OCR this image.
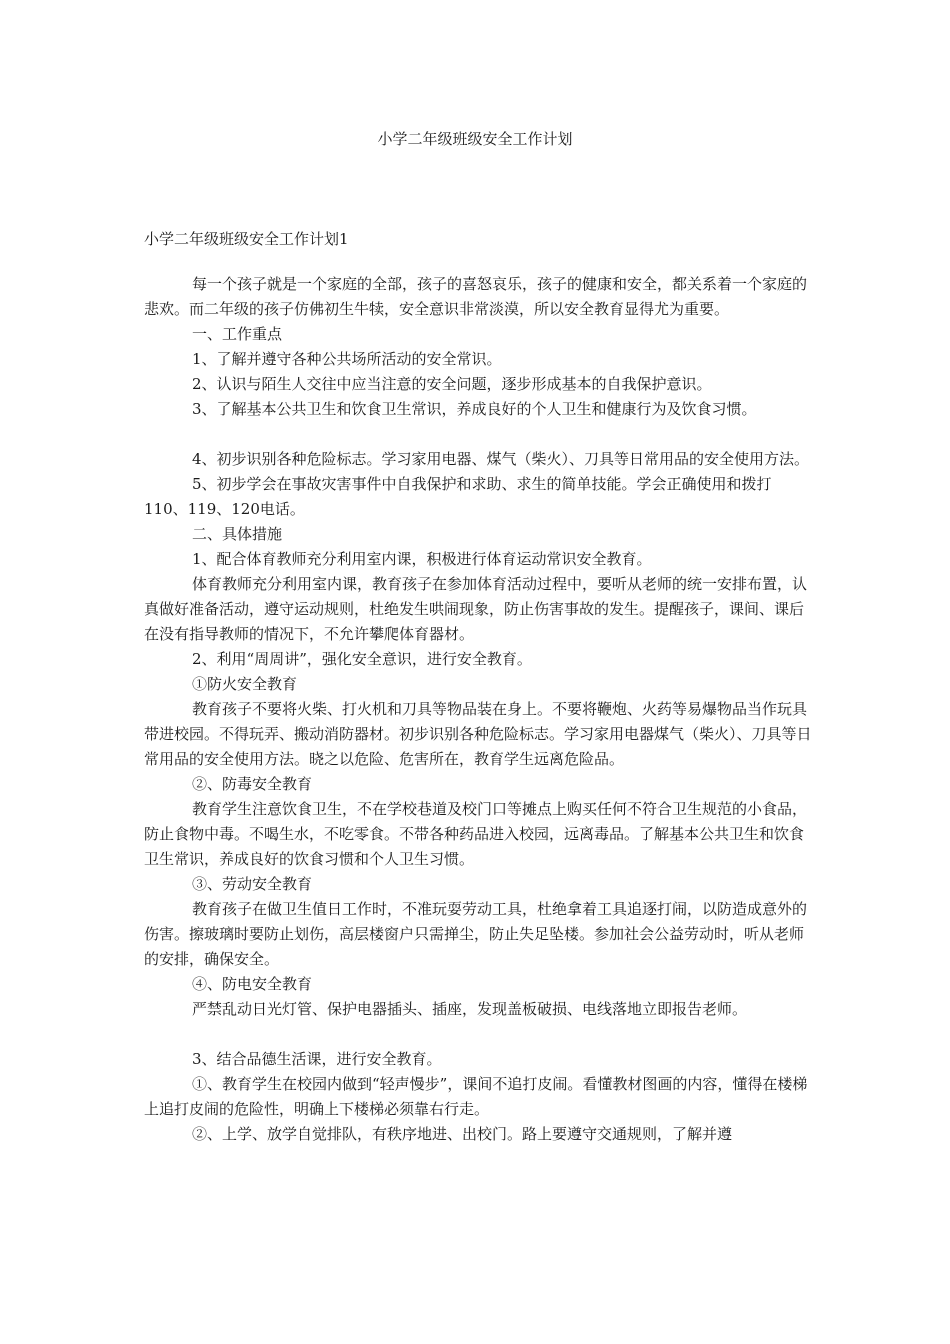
小学二年级班级安全工作计划
小学二年级班级安全工作计划1

每一个孩子就是一个家庭的全部，孩子的喜怒哀乐，孩子的健康和安全，都关系着一个家庭的悲欢。而二年级的孩子仿佛初生牛犊，安全意识非常淡漠，所以安全教育显得尤为重要。

一、工作重点

1、了解并遵守各种公共场所活动的安全常识。

2、认识与陌生人交往中应当注意的安全问题，逐步形成基本的自我保护意识。

3、了解基本公共卫生和饮食卫生常识，养成良好的个人卫生和健康行为及饮食习惯。

4、初步识别各种危险标志。学习家用电器、煤气（柴火）、刀具等日常用品的安全使用方法。

5、初步学会在事故灾害事件中自我保护和求助、求生的简单技能。学会正确使用和拨打110、119、120电话。

二、具体措施

1、配合体育教师充分利用室内课，积极进行体育运动常识安全教育。

体育教师充分利用室内课，教育孩子在参加体育活动过程中，要听从老师的统一安排布置，认真做好准备活动，遵守运动规则，杜绝发生哄闹现象，防止伤害事故的发生。提醒孩子，课间、课后在没有指导教师的情况下，不允许攀爬体育器材。

2、利用“周周讲”，强化安全意识，进行安全教育。

①防火安全教育

教育孩子不要将火柴、打火机和刀具等物品装在身上。不要将鞭炮、火药等易爆物品当作玩具带进校园。不得玩弄、搬动消防器材。初步识别各种危险标志。学习家用电器煤气（柴火）、刀具等日常用品的安全使用方法。晓之以危险、危害所在，教育学生远离危险品。

②、防毒安全教育

教育学生注意饮食卫生，不在学校巷道及校门口等摊点上购买任何不符合卫生规范的小食品，防止食物中毒。不喝生水，不吃零食。不带各种药品进入校园，远离毒品。了解基本公共卫生和饮食卫生常识，养成良好的饮食习惯和个人卫生习惯。

③、劳动安全教育

教育孩子在做卫生值日工作时，不准玩耍劳动工具，杜绝拿着工具追逐打闹，以防造成意外的伤害。擦玻璃时要防止划伤，高层楼窗户只需掸尘，防止失足坠楼。参加社会公益劳动时，听从老师的安排，确保安全。

④、防电安全教育

严禁乱动日光灯管、保护电器插头、插座，发现盖板破损、电线落地立即报告老师。

3、结合品德生活课，进行安全教育。

①、教育学生在校园内做到“轻声慢步”，课间不追打皮闹。看懂教材图画的内容，懂得在楼梯上追打皮闹的危险性，明确上下楼梯必须靠右行走。

②、上学、放学自觉排队，有秩序地进、出校门。路上要遵守交通规则，了解并遵
